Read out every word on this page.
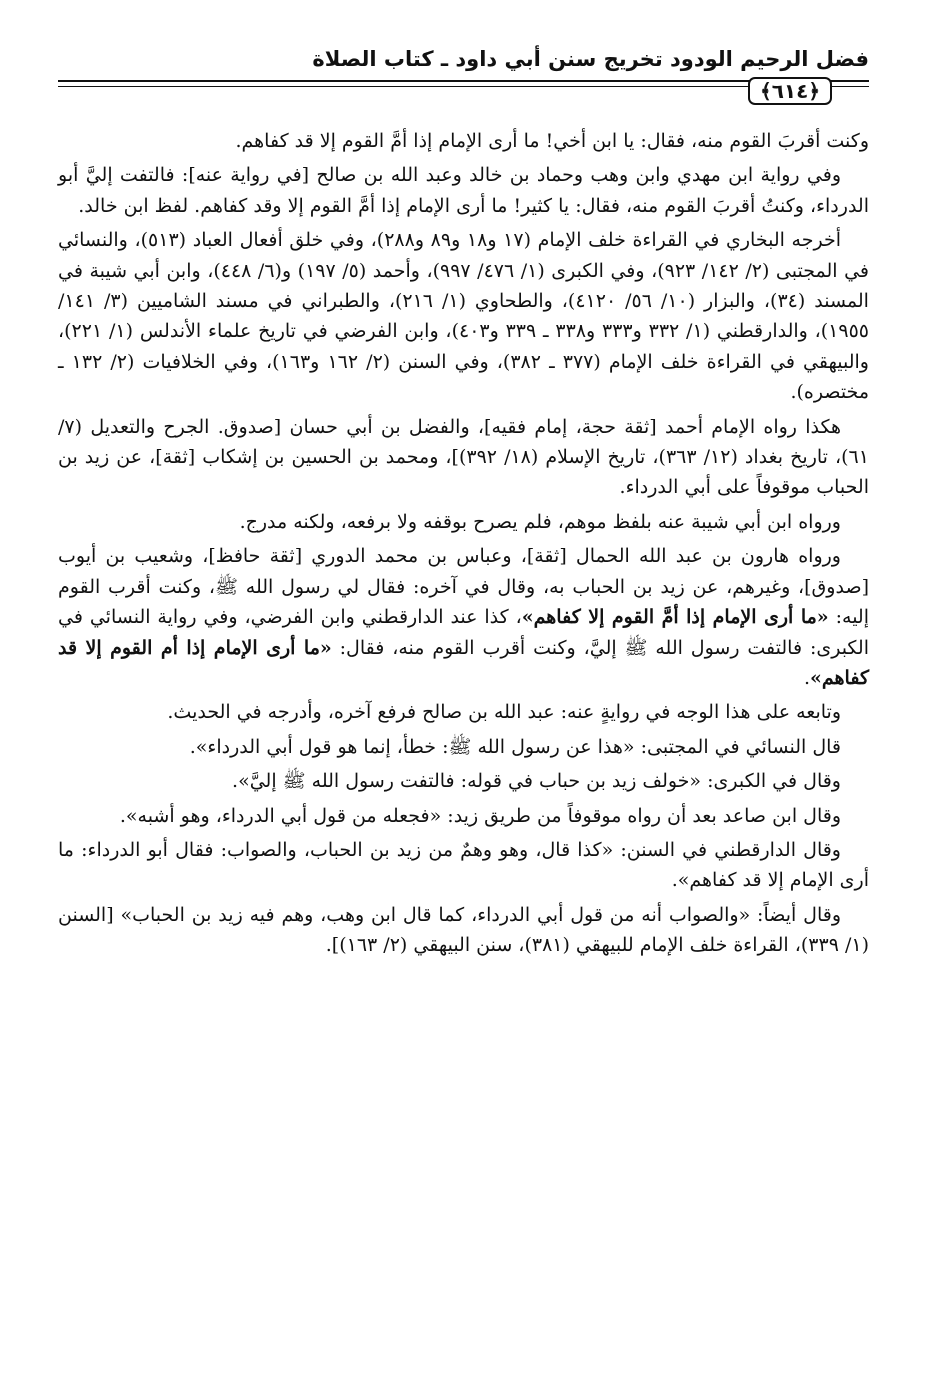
فضل الرحيم الودود تخريج سنن أبي داود ـ كتاب الصلاة
﴿٦١٤﴾

وكنت أقربَ القوم منه، فقال: يا ابن أخي! ما أرى الإمام إذا أمَّ القوم إلا قد كفاهم.

وفي رواية ابن مهدي وابن وهب وحماد بن خالد وعبد الله بن صالح [في رواية عنه]: فالتفت إليَّ أبو الدرداء، وكنتُ أقربَ القوم منه، فقال: يا كثير! ما أرى الإمام إذا أمَّ القوم إلا وقد كفاهم. لفظ ابن خالد.

أخرجه البخاري في القراءة خلف الإمام (١٧ و١٨ و٨٩ و٢٨٨)، وفي خلق أفعال العباد (٥١٣)، والنسائي في المجتبى (٢/ ١٤٢/ ٩٢٣)، وفي الكبرى (١/ ٤٧٦/ ٩٩٧)، وأحمد (٥/ ١٩٧) و(٦/ ٤٤٨)، وابن أبي شيبة في المسند (٣٤)، والبزار (١٠/ ٥٦/ ٤١٢٠)، والطحاوي (١/ ٢١٦)، والطبراني في مسند الشاميين (٣/ ١٤١/ ١٩٥٥)، والدارقطني (١/ ٣٣٢ و٣٣٣ و٣٣٨ ـ ٣٣٩ و٤٠٣)، وابن الفرضي في تاريخ علماء الأندلس (١/ ٢٢١)، والبيهقي في القراءة خلف الإمام (٣٧٧ ـ ٣٨٢)، وفي السنن (٢/ ١٦٢ و١٦٣)، وفي الخلافيات (٢/ ١٣٢ ـ مختصره).

هكذا رواه الإمام أحمد [ثقة حجة، إمام فقيه]، والفضل بن أبي حسان [صدوق. الجرح والتعديل (٧/ ٦١)، تاريخ بغداد (١٢/ ٣٦٣)، تاريخ الإسلام (١٨/ ٣٩٢)]، ومحمد بن الحسين بن إشكاب [ثقة]، عن زيد بن الحباب موقوفاً على أبي الدرداء.

ورواه ابن أبي شيبة عنه بلفظ موهم، فلم يصرح بوقفه ولا برفعه، ولكنه مدرج.

ورواه هارون بن عبد الله الحمال [ثقة]، وعباس بن محمد الدوري [ثقة حافظ]، وشعيب بن أيوب [صدوق]، وغيرهم، عن زيد بن الحباب به، وقال في آخره: فقال لي رسول الله ﷺ، وكنت أقرب القوم إليه: «ما أرى الإمام إذا أمَّ القوم إلا كفاهم»، كذا عند الدارقطني وابن الفرضي، وفي رواية النسائي في الكبرى: فالتفت رسول الله ﷺ إليَّ، وكنت أقرب القوم منه، فقال: «ما أرى الإمام إذا أم القوم إلا قد كفاهم».

وتابعه على هذا الوجه في روايةٍ عنه: عبد الله بن صالح فرفع آخره، وأدرجه في الحديث.

قال النسائي في المجتبى: «هذا عن رسول الله ﷺ: خطأ، إنما هو قول أبي الدرداء».

وقال في الكبرى: «خولف زيد بن حباب في قوله: فالتفت رسول الله ﷺ إليَّ».

وقال ابن صاعد بعد أن رواه موقوفاً من طريق زيد: «فجعله من قول أبي الدرداء، وهو أشبه».

وقال الدارقطني في السنن: «كذا قال، وهو وهمٌ من زيد بن الحباب، والصواب: فقال أبو الدرداء: ما أرى الإمام إلا قد كفاهم».

وقال أيضاً: «والصواب أنه من قول أبي الدرداء، كما قال ابن وهب، وهم فيه زيد بن الحباب» [السنن (١/ ٣٣٩)، القراءة خلف الإمام للبيهقي (٣٨١)، سنن البيهقي (٢/ ١٦٣)].
